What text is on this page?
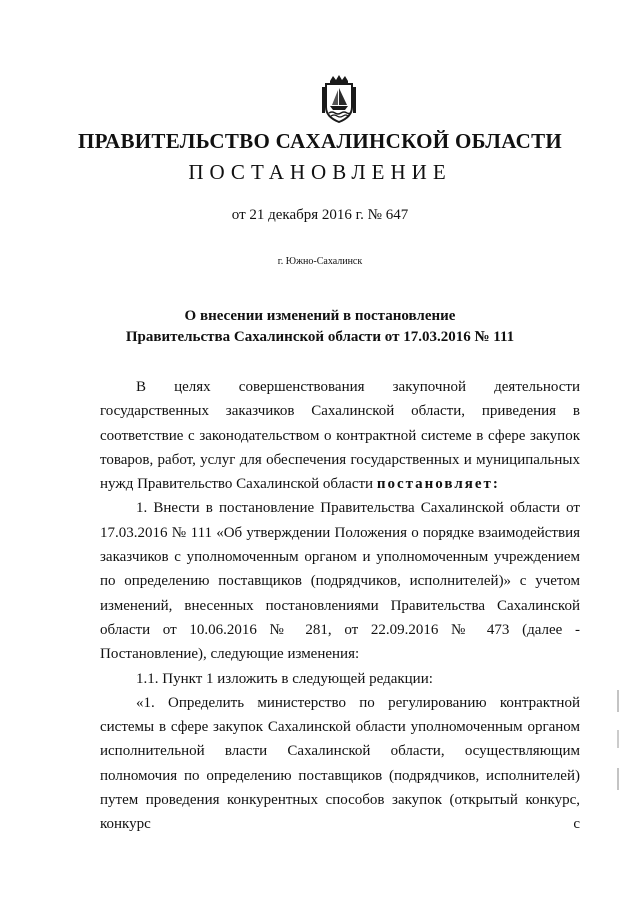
ПРАВИТЕЛЬСТВО САХАЛИНСКОЙ ОБЛАСТИ
ПОСТАНОВЛЕНИЕ
от 21 декабря 2016 г. № 647
г. Южно-Сахалинск
О внесении изменений в постановление
Правительства Сахалинской области от 17.03.2016 № 111

В целях совершенствования закупочной деятельности государственных заказчиков Сахалинской области, приведения в соответствие с законодательством о контрактной системе в сфере закупок товаров, работ, услуг для обеспечения государственных и муниципальных нужд Правительство Сахалинской области постановляет:

1. Внести в постановление Правительства Сахалинской области от 17.03.2016 № 111 «Об утверждении Положения о порядке взаимодействия заказчиков с уполномоченным органом и уполномоченным учреждением по определению поставщиков (подрядчиков, исполнителей)» с учетом изменений, внесенных постановлениями Правительства Сахалинской области от 10.06.2016 № 281, от 22.09.2016 № 473 (далее - Постановление), следующие изменения:

1.1. Пункт 1 изложить в следующей редакции:

«1. Определить министерство по регулированию контрактной системы в сфере закупок Сахалинской области уполномоченным органом исполнительной власти Сахалинской области, осуществляющим полномочия по определению поставщиков (подрядчиков, исполнителей) путем проведения конкурентных способов закупок (открытый конкурс, конкурс с
